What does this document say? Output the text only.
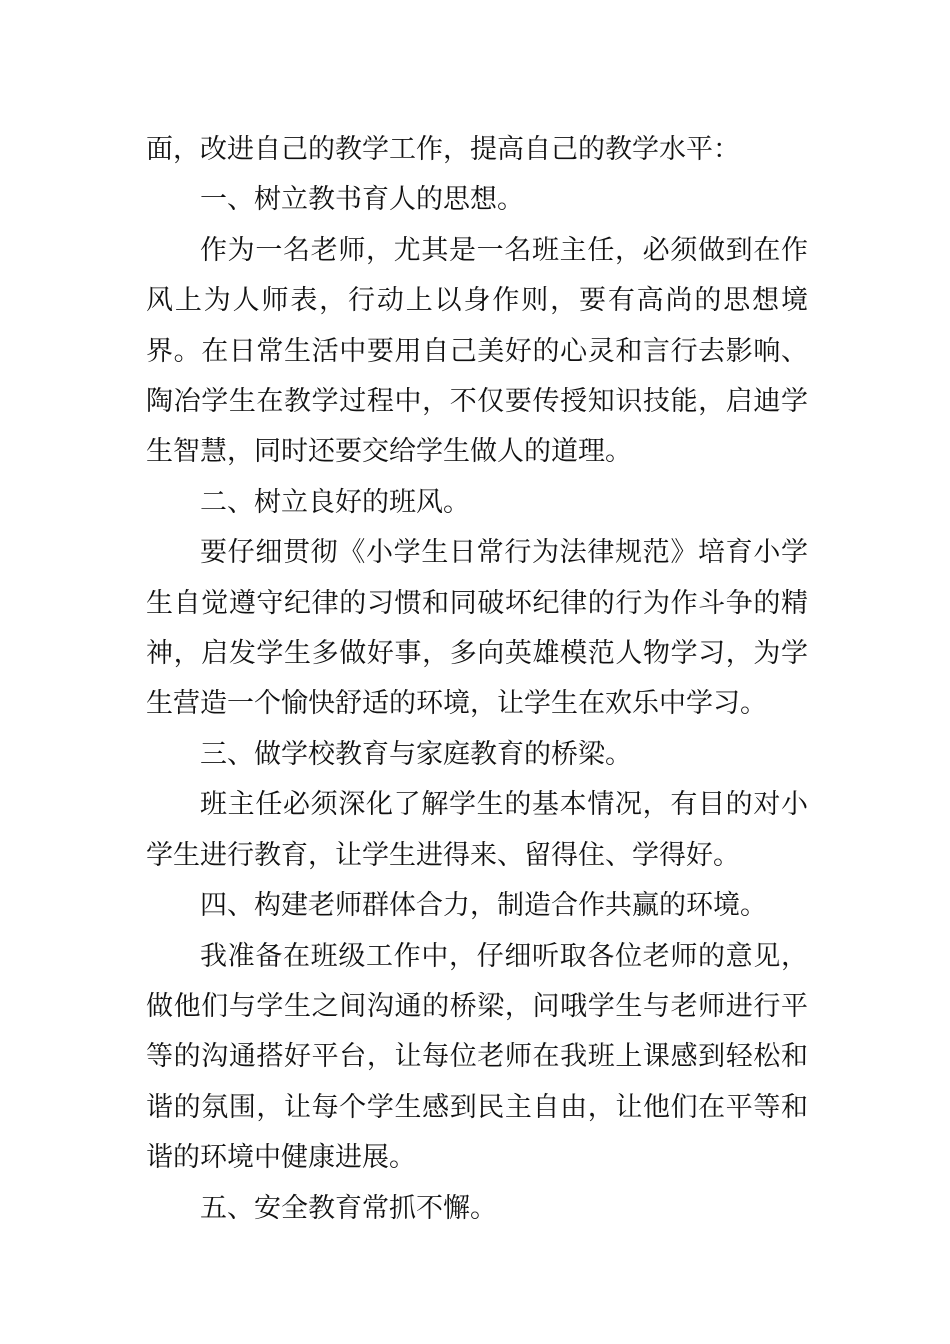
面，改进自己的教学工作，提高自己的教学水平：

一、树立教书育人的思想。

作为一名老师，尤其是一名班主任，必须做到在作风上为人师表，行动上以身作则，要有高尚的思想境界。在日常生活中要用自己美好的心灵和言行去影响、陶冶学生在教学过程中，不仅要传授知识技能，启迪学生智慧，同时还要交给学生做人的道理。

二、树立良好的班风。

要仔细贯彻《小学生日常行为法律规范》培育小学生自觉遵守纪律的习惯和同破坏纪律的行为作斗争的精神，启发学生多做好事，多向英雄模范人物学习，为学生营造一个愉快舒适的环境，让学生在欢乐中学习。

三、做学校教育与家庭教育的桥梁。

班主任必须深化了解学生的基本情况，有目的对小学生进行教育，让学生进得来、留得住、学得好。

四、构建老师群体合力，制造合作共赢的环境。

我准备在班级工作中，仔细听取各位老师的意见，做他们与学生之间沟通的桥梁，问哦学生与老师进行平等的沟通搭好平台，让每位老师在我班上课感到轻松和谐的氛围，让每个学生感到民主自由，让他们在平等和谐的环境中健康进展。

五、安全教育常抓不懈。
